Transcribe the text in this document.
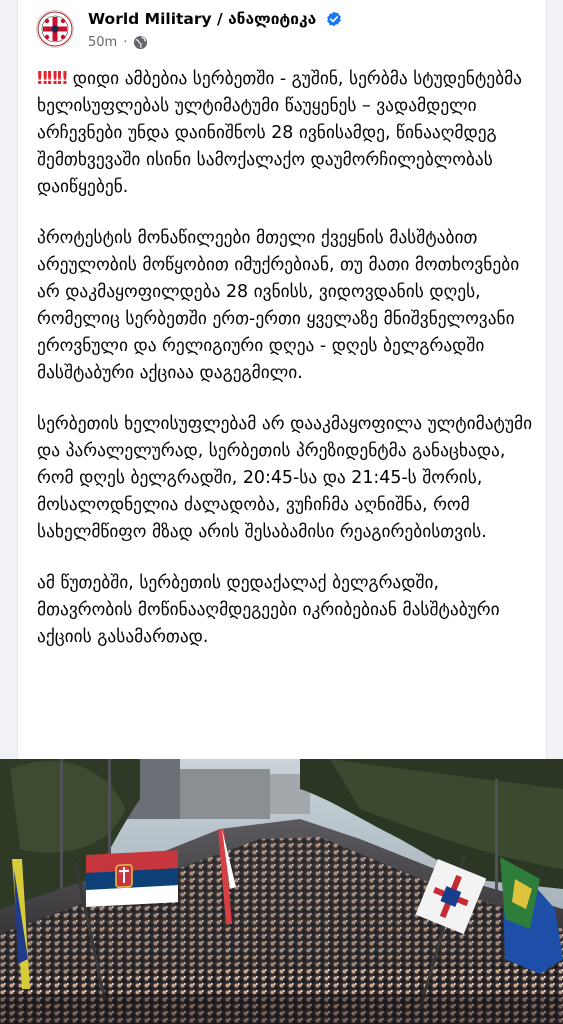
World Military / ანალიტიკა
50m ·

‼‼‼ დიდი ამბებია სერბეთში - გუშინ, სერბმა სტუდენტებმა ხელისუფლებას ულტიმატუმი წაუყენეს – ვადამდელი არჩევნები უნდა დაინიშნოს 28 ივნისამდე, წინააღმდეგ შემთხვევაში ისინი სამოქალაქო დაუმორჩილებლობას დაიწყებენ.

პროტესტის მონაწილეები მთელი ქვეყნის მასშტაბით არეულობის მოწყობით იმუქრებიან, თუ მათი მოთხოვნები არ დაკმაყოფილდება 28 ივნისს, ვიდოვდანის დღეს, რომელიც სერბეთში ერთ-ერთი ყველაზე მნიშვნელოვანი ეროვნული და რელიგიური დღეა - დღეს ბელგრადში მასშტაბური აქციაა დაგეგმილი.

სერბეთის ხელისუფლებამ არ დააკმაყოფილა ულტიმატუმი და პარალელურად, სერბეთის პრეზიდენტმა განაცხადა, რომ დღეს ბელგრადში, 20:45-სა და 21:45-ს შორის, მოსალოდნელია ძალადობა, ვუჩიჩმა აღნიშნა, რომ სახელმწიფო მზად არის შესაბამისი რეაგირებისთვის.

ამ წუთებში, სერბეთის დედაქალაქ ბელგრადში, მთავრობის მოწინააღმდეგეები იკრიბებიან მასშტაბური აქციის გასამართად.
